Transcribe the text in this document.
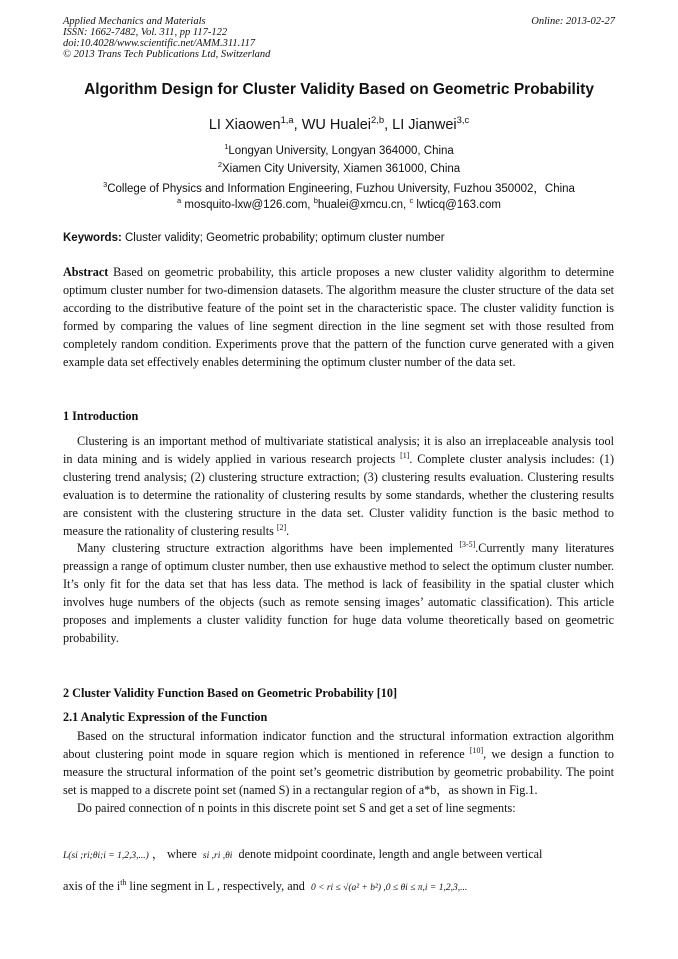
Applied Mechanics and Materials
ISSN: 1662-7482, Vol. 311, pp 117-122
doi:10.4028/www.scientific.net/AMM.311.117
© 2013 Trans Tech Publications Ltd, Switzerland
Online: 2013-02-27
Algorithm Design for Cluster Validity Based on Geometric Probability
LI Xiaowen$^{1,a}$, WU Hualei$^{2,b}$, LI Jianwei$^{3,c}$
$^1$Longyan University, Longyan 364000, China
$^2$Xiamen City University, Xiamen 361000, China
$^3$College of Physics and Information Engineering, Fuzhou University, Fuzhou 350002，China
$^a$ mosquito-lxw@126.com, $^b$hualei@xmcu.cn, $^c$ lwticq@163.com
Keywords: Cluster validity; Geometric probability; optimum cluster number

Abstract Based on geometric probability, this article proposes a new cluster validity algorithm to determine optimum cluster number for two-dimension datasets. The algorithm measure the cluster structure of the data set according to the distributive feature of the point set in the characteristic space. The cluster validity function is formed by comparing the values of line segment direction in the line segment set with those resulted from completely random condition. Experiments prove that the pattern of the function curve generated with a given example data set effectively enables determining the optimum cluster number of the data set.

1 Introduction

Clustering is an important method of multivariate statistical analysis; it is also an irreplaceable analysis tool in data mining and is widely applied in various research projects [1]. Complete cluster analysis includes: (1) clustering trend analysis; (2) clustering structure extraction; (3) clustering results evaluation. Clustering results evaluation is to determine the rationality of clustering results by some standards, whether the clustering results are consistent with the clustering structure in the data set. Cluster validity function is the basic method to measure the rationality of clustering results [2].

Many clustering structure extraction algorithms have been implemented [3-5].Currently many literatures preassign a range of optimum cluster number, then use exhaustive method to select the optimum cluster number. It’s only fit for the data set that has less data. The method is lack of feasibility in the spatial cluster which involves huge numbers of the objects (such as remote sensing images’ automatic classification). This article proposes and implements a cluster validity function for huge data volume theoretically based on geometric probability.

2 Cluster Validity Function Based on Geometric Probability [10]
2.1 Analytic Expression of the Function

Based on the structural information indicator function and the structural information extraction algorithm about clustering point mode in square region which is mentioned in reference [10], we design a function to measure the structural information of the point set’s geometric distribution by geometric probability. The point set is mapped to a discrete point set (named S) in a rectangular region of a*b，as shown in Fig.1.

Do paired connection of n points in this discrete point set S and get a set of line segments:

L(si ;ri;θi;i = 1,2,3,...) ， where si ,ri ,θi denote midpoint coordinate, length and angle between vertical
axis of the $i^{th}$ line segment in L , respectively, and 0 < ri ≤ √(a² + b²) ,0 ≤ θi ≤ π,i = 1,2,3,...
